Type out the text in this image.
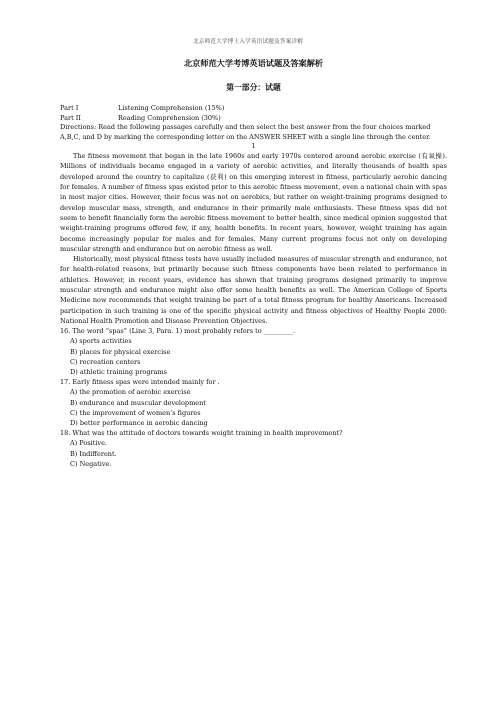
北京师范大学博士入学英语试题及答案详解
北京师范大学考博英语试题及答案解析
第一部分：试题
Part I	Listening Comprehension (15%)
Part II	Reading Comprehension (30%)

Directions: Read the following passages carefully and then select the best answer from the four choices marked A,B,C, and D by marking the corresponding letter on the ANSWER SHEET with a single line through the center.

1

The fitness movement that began in the late 1960s and early 1970s centered around aerobic exercise (有氧操). Millions of individuals became engaged in a variety of aerobic activities, and literally thousands of health spas developed around the country to capitalize (获利) on this emerging interest in fitness, particularly aerobic dancing for females. A number of fitness spas existed prior to this aerobic fitness movement, even a national chain with spas in most major cities. However, their focus was not on aerobics, but rather on weight-training programs designed to develop muscular mass, strength, and endurance in their primarily male enthusiasts. These fitness spas did not seem to benefit financially form the aerobic fitness movement to better health, since medical opinion suggested that weight-training programs offered few, if any, health benefits. In recent years, however, weight training has again become increasingly popular for males and for females. Many current programs focus not only on developing muscular strength and endurance but on aerobic fitness as well.

Historically, most physical fitness tests have usually included measures of muscular strength and endurance, not for health-related reasons, but primarily because such fitness components have been related to performance in athletics. However, in recent years, evidence has shown that training programs designed primarily to improve muscular strength and endurance might also offer some health benefits as well. The American College of Sports Medicine now recommends that weight training be part of a total fitness program for healthy Americans. Increased participation in such training is one of the specific physical activity and fitness objectives of Healthy People 2000: National Health Promotion and Disease Prevention Objectives.

16. The word “spas” (Line 3, Para. 1) most probably refers to _________.

A) sports activities

B) places for physical exercise

C) recreation centers

D) athletic training programs

17. Early fitness spas were intended mainly for .

A) the promotion of aerobic exercise

B) endurance and muscular development

C) the improvement of women’s figures

D) better performance in aerobic dancing

18. What was the attitude of doctors towards weight training in health improvement?

A) Positive.

B) Indifferent.

C) Negative.
